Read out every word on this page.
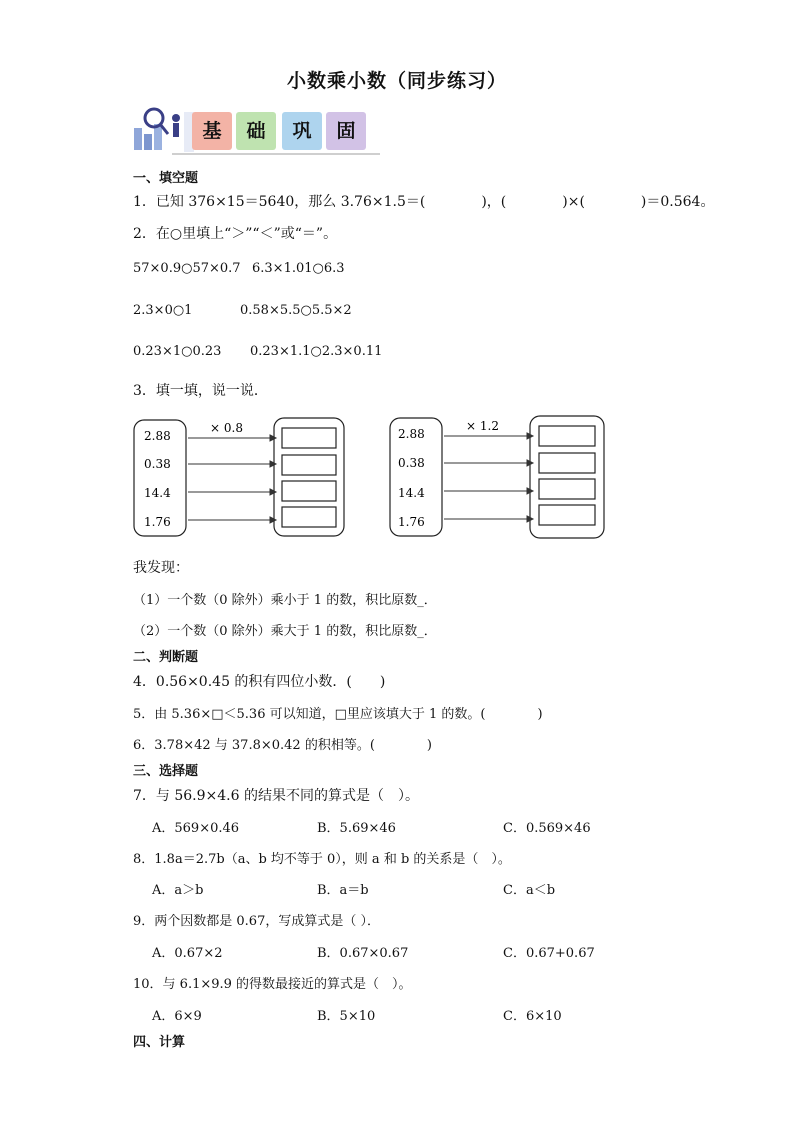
小数乘小数（同步练习）
基	础	巩	固
一、填空题
1．已知 376×15＝5640，那么 3.76×1.5＝(　　　　)，(　　　　)×(　　　　)＝0.564。
2．在○里填上“＞”“＜”或“＝”。
57×0.9○57×0.7 6.3×1.01○6.3
2.3×0○1	0.58×5.5○5.5×2
0.23×1○0.23 0.23×1.1○2.3×0.11
3．填一填，说一说．
× 0.8
2.88
0.38
14.4
1.76
× 1.2
2.88
0.38
14.4
1.76
我发现：
（1）一个数（0 除外）乘小于 1 的数，积比原数_．
（2）一个数（0 除外）乘大于 1 的数，积比原数_．
二、判断题
4．0.56×0.45 的积有四位小数．(　　)
5．由 5.36×□＜5.36 可以知道，□里应该填大于 1 的数。(　　　　)
6．3.78×42 与 37.8×0.42 的积相等。(　　　　)
三、选择题
7．与 56.9×4.6 的结果不同的算式是（　）。
A．569×0.46	B．5.69×46	C．0.569×46
8．1.8a＝2.7b（a、b 均不等于 0），则 a 和 b 的关系是（　）。
A．a＞b	B．a＝b	C．a＜b
9．两个因数都是 0.67，写成算式是（ ）．
A．0.67×2	B．0.67×0.67	C．0.67+0.67
10．与 6.1×9.9 的得数最接近的算式是（　）。
A．6×9	B．5×10	C．6×10
四、计算
